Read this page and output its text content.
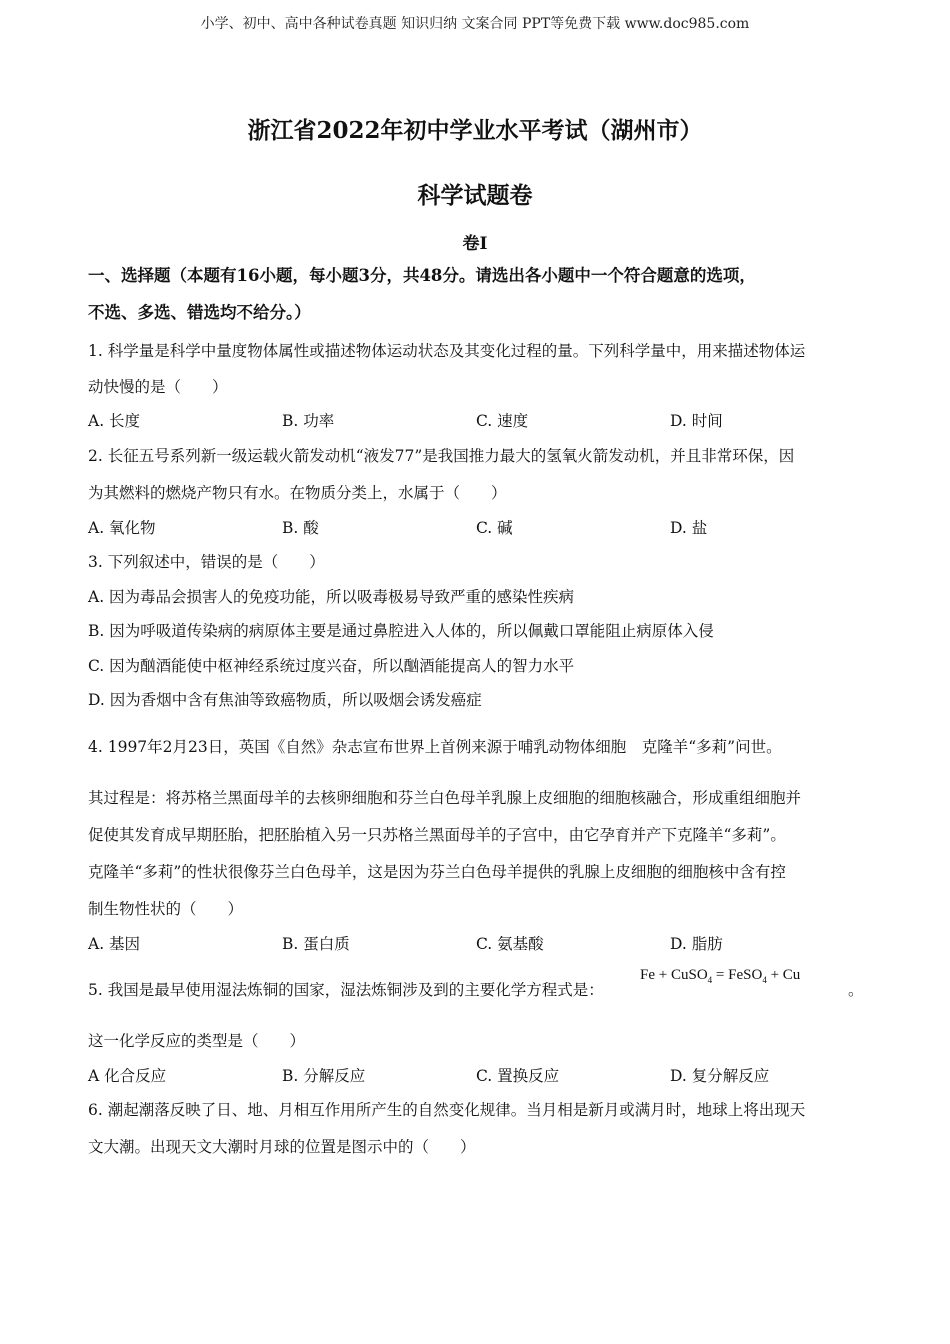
小学、初中、高中各种试卷真题 知识归纳 文案合同 PPT等免费下载 www.doc985.com
浙江省2022年初中学业水平考试（湖州市）
科学试题卷
卷Ⅰ
一、选择题（本题有16小题，每小题3分，共48分。请选出各小题中一个符合题意的选项，
不选、多选、错选均不给分。）
1. 科学量是科学中量度物体属性或描述物体运动状态及其变化过程的量。下列科学量中，用来描述物体运
动快慢的是（　　）
A. 长度	B. 功率	C. 速度	D. 时间
2. 长征五号系列新一级运载火箭发动机“液发77”是我国推力最大的氢氧火箭发动机，并且非常环保，因
为其燃料的燃烧产物只有水。在物质分类上，水属于（　　）
A. 氧化物	B. 酸	C. 碱	D. 盐
3. 下列叙述中，错误的是（　　）
A. 因为毒品会损害人的免疫功能，所以吸毒极易导致严重的感染性疾病
B. 因为呼吸道传染病的病原体主要是通过鼻腔进入人体的，所以佩戴口罩能阻止病原体入侵
C. 因为酗酒能使中枢神经系统过度兴奋，所以酗酒能提高人的智力水平
D. 因为香烟中含有焦油等致癌物质，所以吸烟会诱发癌症
4. 1997年2月23日，英国《自然》杂志宣布世界上首例来源于哺乳动物体细胞　克隆羊“多莉”问世。
其过程是：将苏格兰黑面母羊的去核卵细胞和芬兰白色母羊乳腺上皮细胞的细胞核融合，形成重组细胞并
促使其发育成早期胚胎，把胚胎植入另一只苏格兰黑面母羊的子宫中，由它孕育并产下克隆羊“多莉”。
克隆羊“多莉”的性状很像芬兰白色母羊，这是因为芬兰白色母羊提供的乳腺上皮细胞的细胞核中含有控
制生物性状的（　　）
A. 基因	B. 蛋白质	C. 氨基酸	D. 脂肪
5. 我国是最早使用湿法炼铜的国家，湿法炼铜涉及到的主要化学方程式是：
Fe + CuSO$_4$ = FeSO$_4$ + Cu
。
这一化学反应的类型是（　　）
A 化合反应	B. 分解反应	C. 置换反应	D. 复分解反应
6. 潮起潮落反映了日、地、月相互作用所产生的自然变化规律。当月相是新月或满月时，地球上将出现天
文大潮。出现天文大潮时月球的位置是图示中的（　　）
